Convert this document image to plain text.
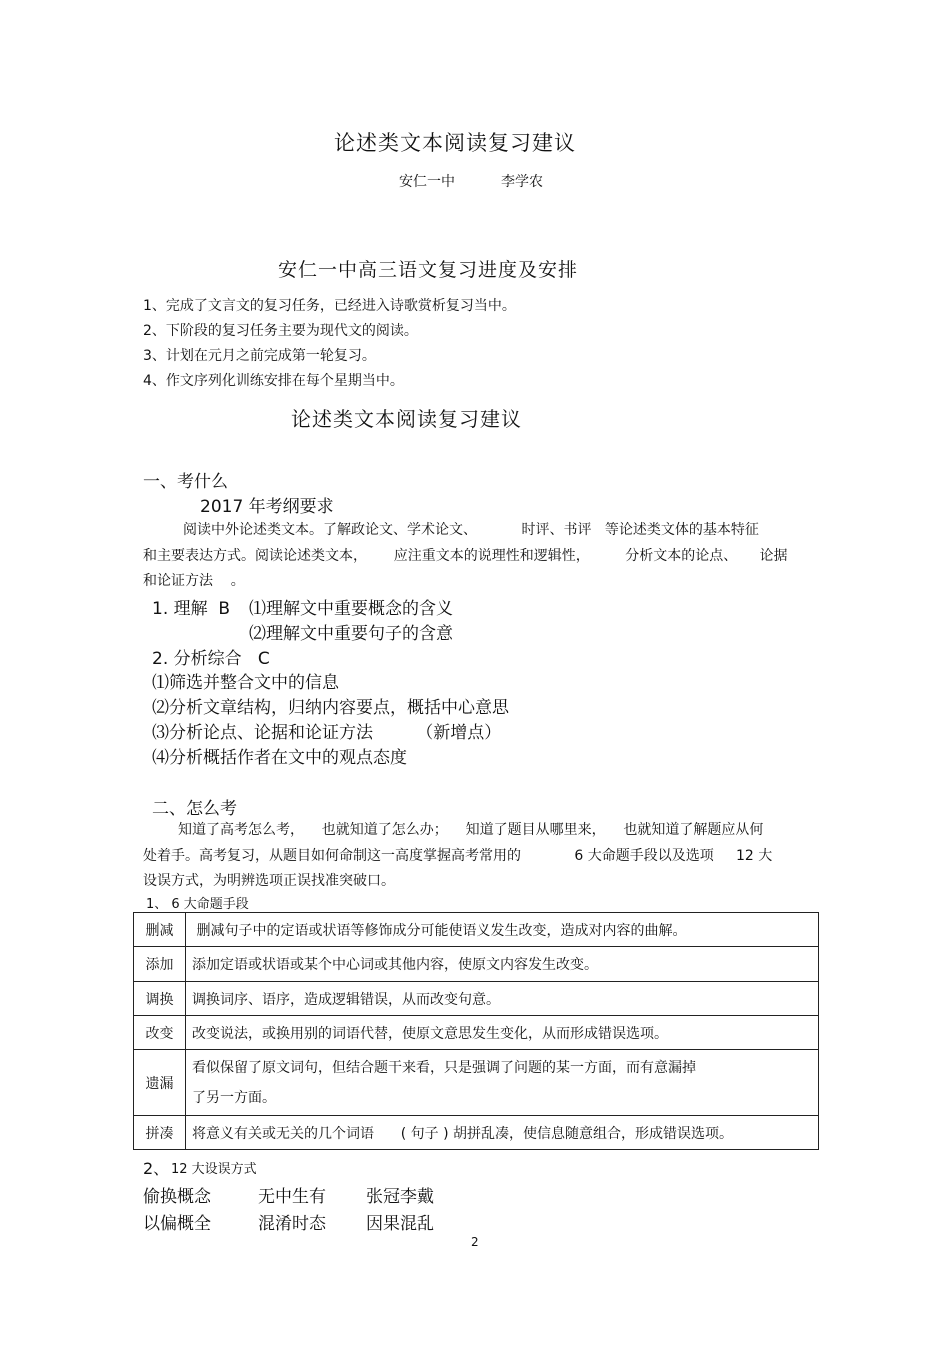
论述类文本阅读复习建议
安仁一中	李学农
安仁一中高三语文复习进度及安排
1、完成了文言文的复习任务，已经进入诗歌赏析复习当中。
2、下阶段的复习任务主要为现代文的阅读。
3、计划在元月之前完成第一轮复习。
4、作文序列化训练安排在每个星期当中。
论述类文本阅读复习建议
一、考什么
2017 年考纲要求
阅读中外论述类文本。了解政论文、学术论文、          时评、书评   等论述类文体的基本特征
和主要表达方式。阅读论述类文本，      应注重文本的说理性和逻辑性，        分析文本的论点、     论据
和论证方法    。
1. 理解  B ⑴理解文中重要概念的含义
⑵理解文中重要句子的含意
2. 分析综合   C
⑴筛选并整合文中的信息
⑵分析文章结构，归纳内容要点，概括中心意思
⑶分析论点、论据和论证方法        （新增点）
⑷分析概括作者在文中的观点态度
二、怎么考
知道了高考怎么考，    也就知道了怎么办；    知道了题目从哪里来，    也就知道了解题应从何
处着手。高考复习，从题目如何命制这一高度掌握高考常用的            6 大命题手段以及选项     12 大
设误方式，为明辨选项正误找准突破口。
1、 6 大命题手段
删减	删减句子中的定语或状语等修饰成分可能使语义发生改变，造成对内容的曲解。
添加	添加定语或状语或某个中心词或其他内容，使原文内容发生改变。
调换	调换词序、语序，造成逻辑错误，从而改变句意。
改变	改变说法，或换用别的词语代替，使原文意思发生变化，从而形成错误选项。
遗漏	看似保留了原文词句，但结合题干来看，只是强调了问题的某一方面，而有意漏掉
了另一方面。

拼凑	将意义有关或无关的几个词语      ( 句子 ) 胡拼乱凑，使信息随意组合，形成错误选项。
2、 12 大设误方式
偷换概念	无中生有 张冠李戴
以偏概全	混淆时态 因果混乱
2
